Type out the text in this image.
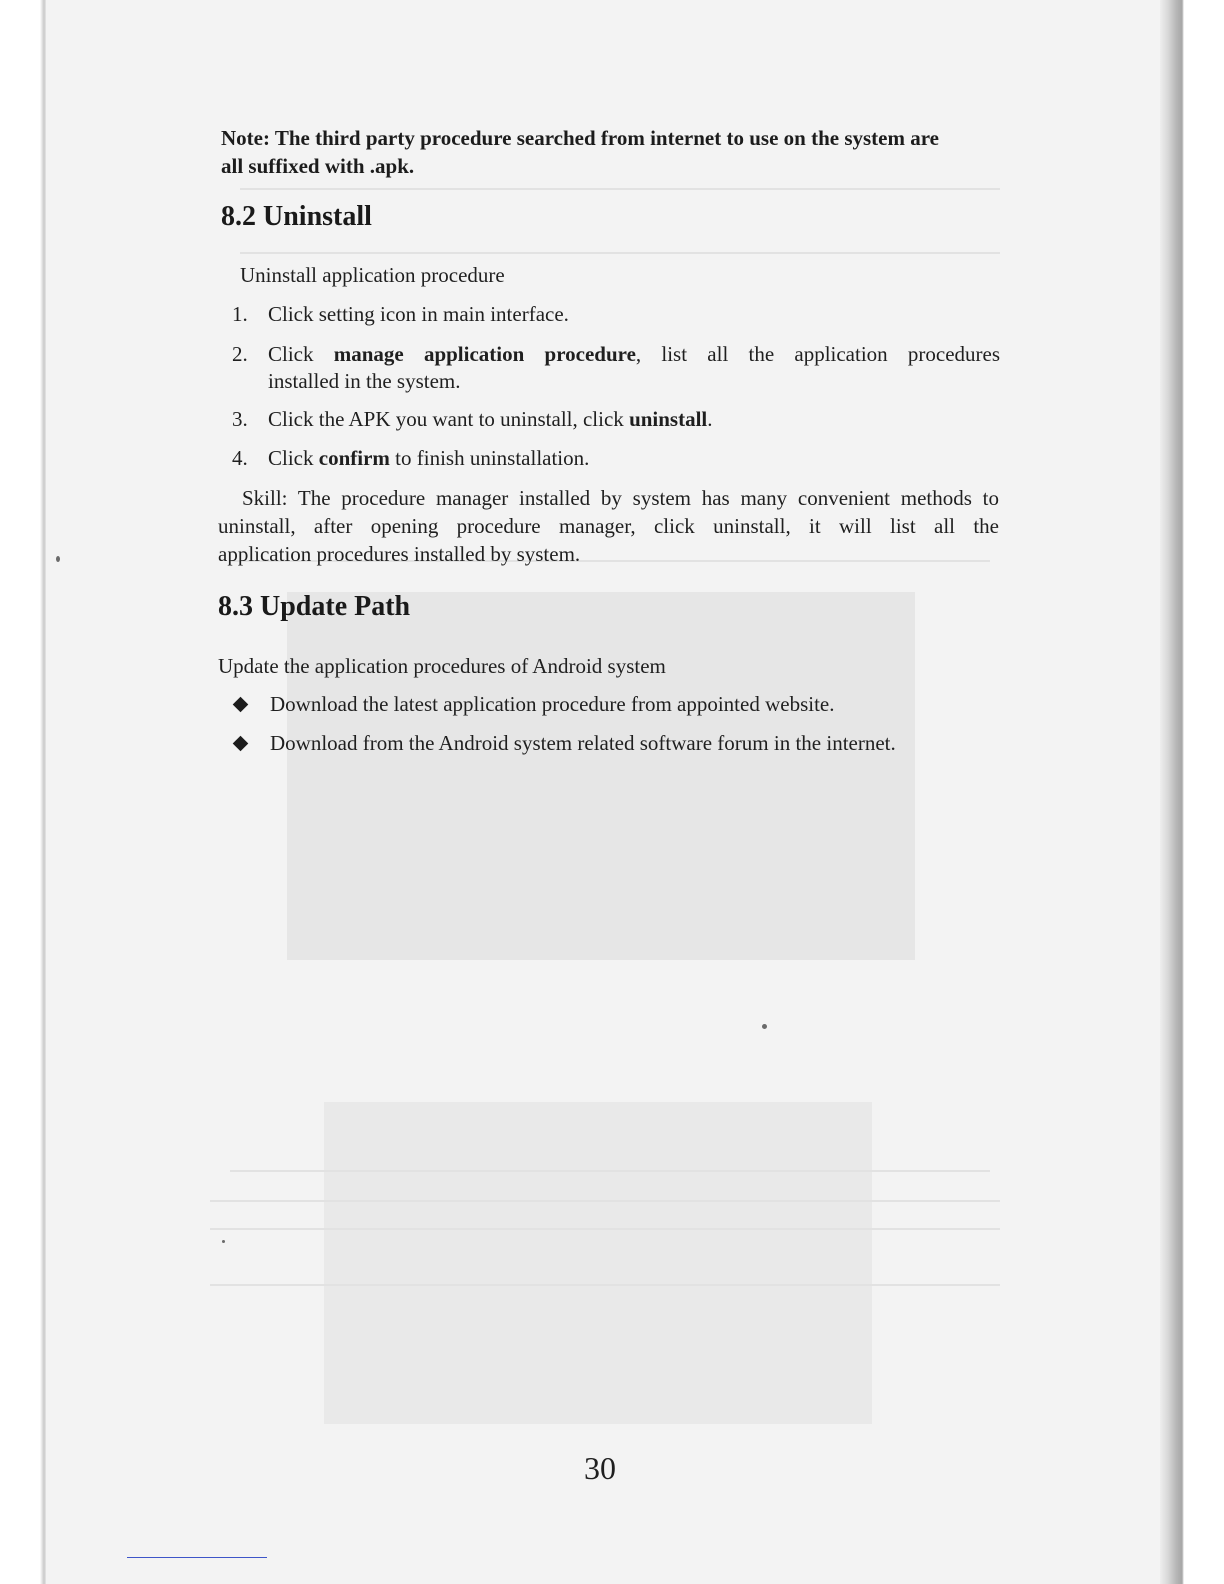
Note: The third party procedure searched from internet to use on the system are
all suffixed with .apk.
8.2 Uninstall
Uninstall application procedure
1. Click setting icon in main interface.
2. Click manage application procedure, list all the application procedures
installed in the system.
3. Click the APK you want to uninstall, click uninstall.
4. Click confirm to finish uninstallation.
Skill: The procedure manager installed by system has many convenient methods to
uninstall, after opening procedure manager, click uninstall, it will list all the
application procedures installed by system.
8.3 Update Path
Update the application procedures of Android system
Download the latest application procedure from appointed website.
Download from the Android system related software forum in the internet.
30
